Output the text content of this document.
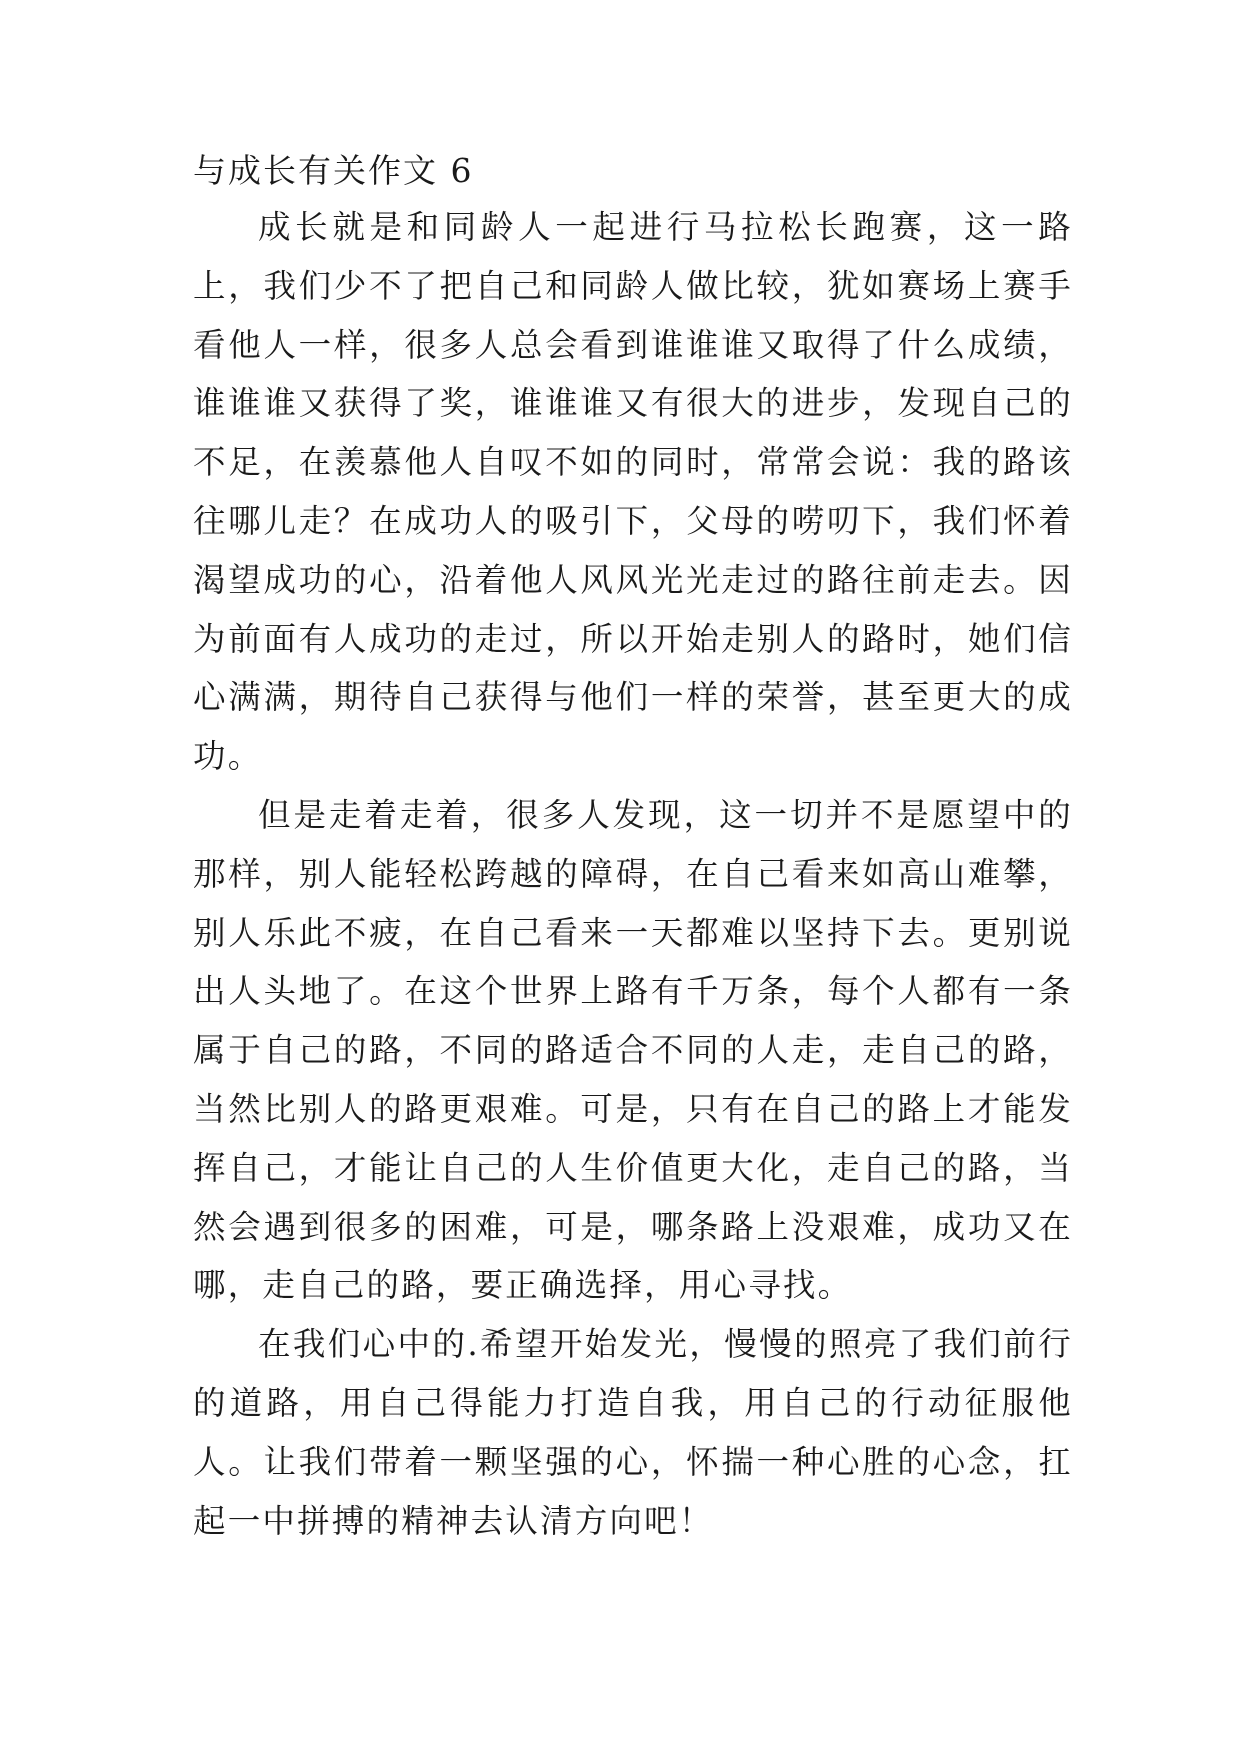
与成长有关作文 6

成长就是和同龄人一起进行马拉松长跑赛，这一路上，我们少不了把自己和同龄人做比较，犹如赛场上赛手看他人一样，很多人总会看到谁谁谁又取得了什么成绩，谁谁谁又获得了奖，谁谁谁又有很大的进步，发现自己的不足，在羡慕他人自叹不如的同时，常常会说：我的路该往哪儿走？在成功人的吸引下，父母的唠叨下，我们怀着渴望成功的心，沿着他人风风光光走过的路往前走去。因为前面有人成功的走过，所以开始走别人的路时，她们信心满满，期待自己获得与他们一样的荣誉，甚至更大的成功。

但是走着走着，很多人发现，这一切并不是愿望中的那样，别人能轻松跨越的障碍，在自己看来如高山难攀，别人乐此不疲，在自己看来一天都难以坚持下去。更别说出人头地了。在这个世界上路有千万条，每个人都有一条属于自己的路，不同的路适合不同的人走，走自己的路，当然比别人的路更艰难。可是，只有在自己的路上才能发挥自己，才能让自己的人生价值更大化，走自己的路，当然会遇到很多的困难，可是，哪条路上没艰难，成功又在哪，走自己的路，要正确选择，用心寻找。

在我们心中的.希望开始发光，慢慢的照亮了我们前行的道路，用自己得能力打造自我，用自己的行动征服他人。让我们带着一颗坚强的心，怀揣一种心胜的心念，扛起一中拼搏的精神去认清方向吧！
